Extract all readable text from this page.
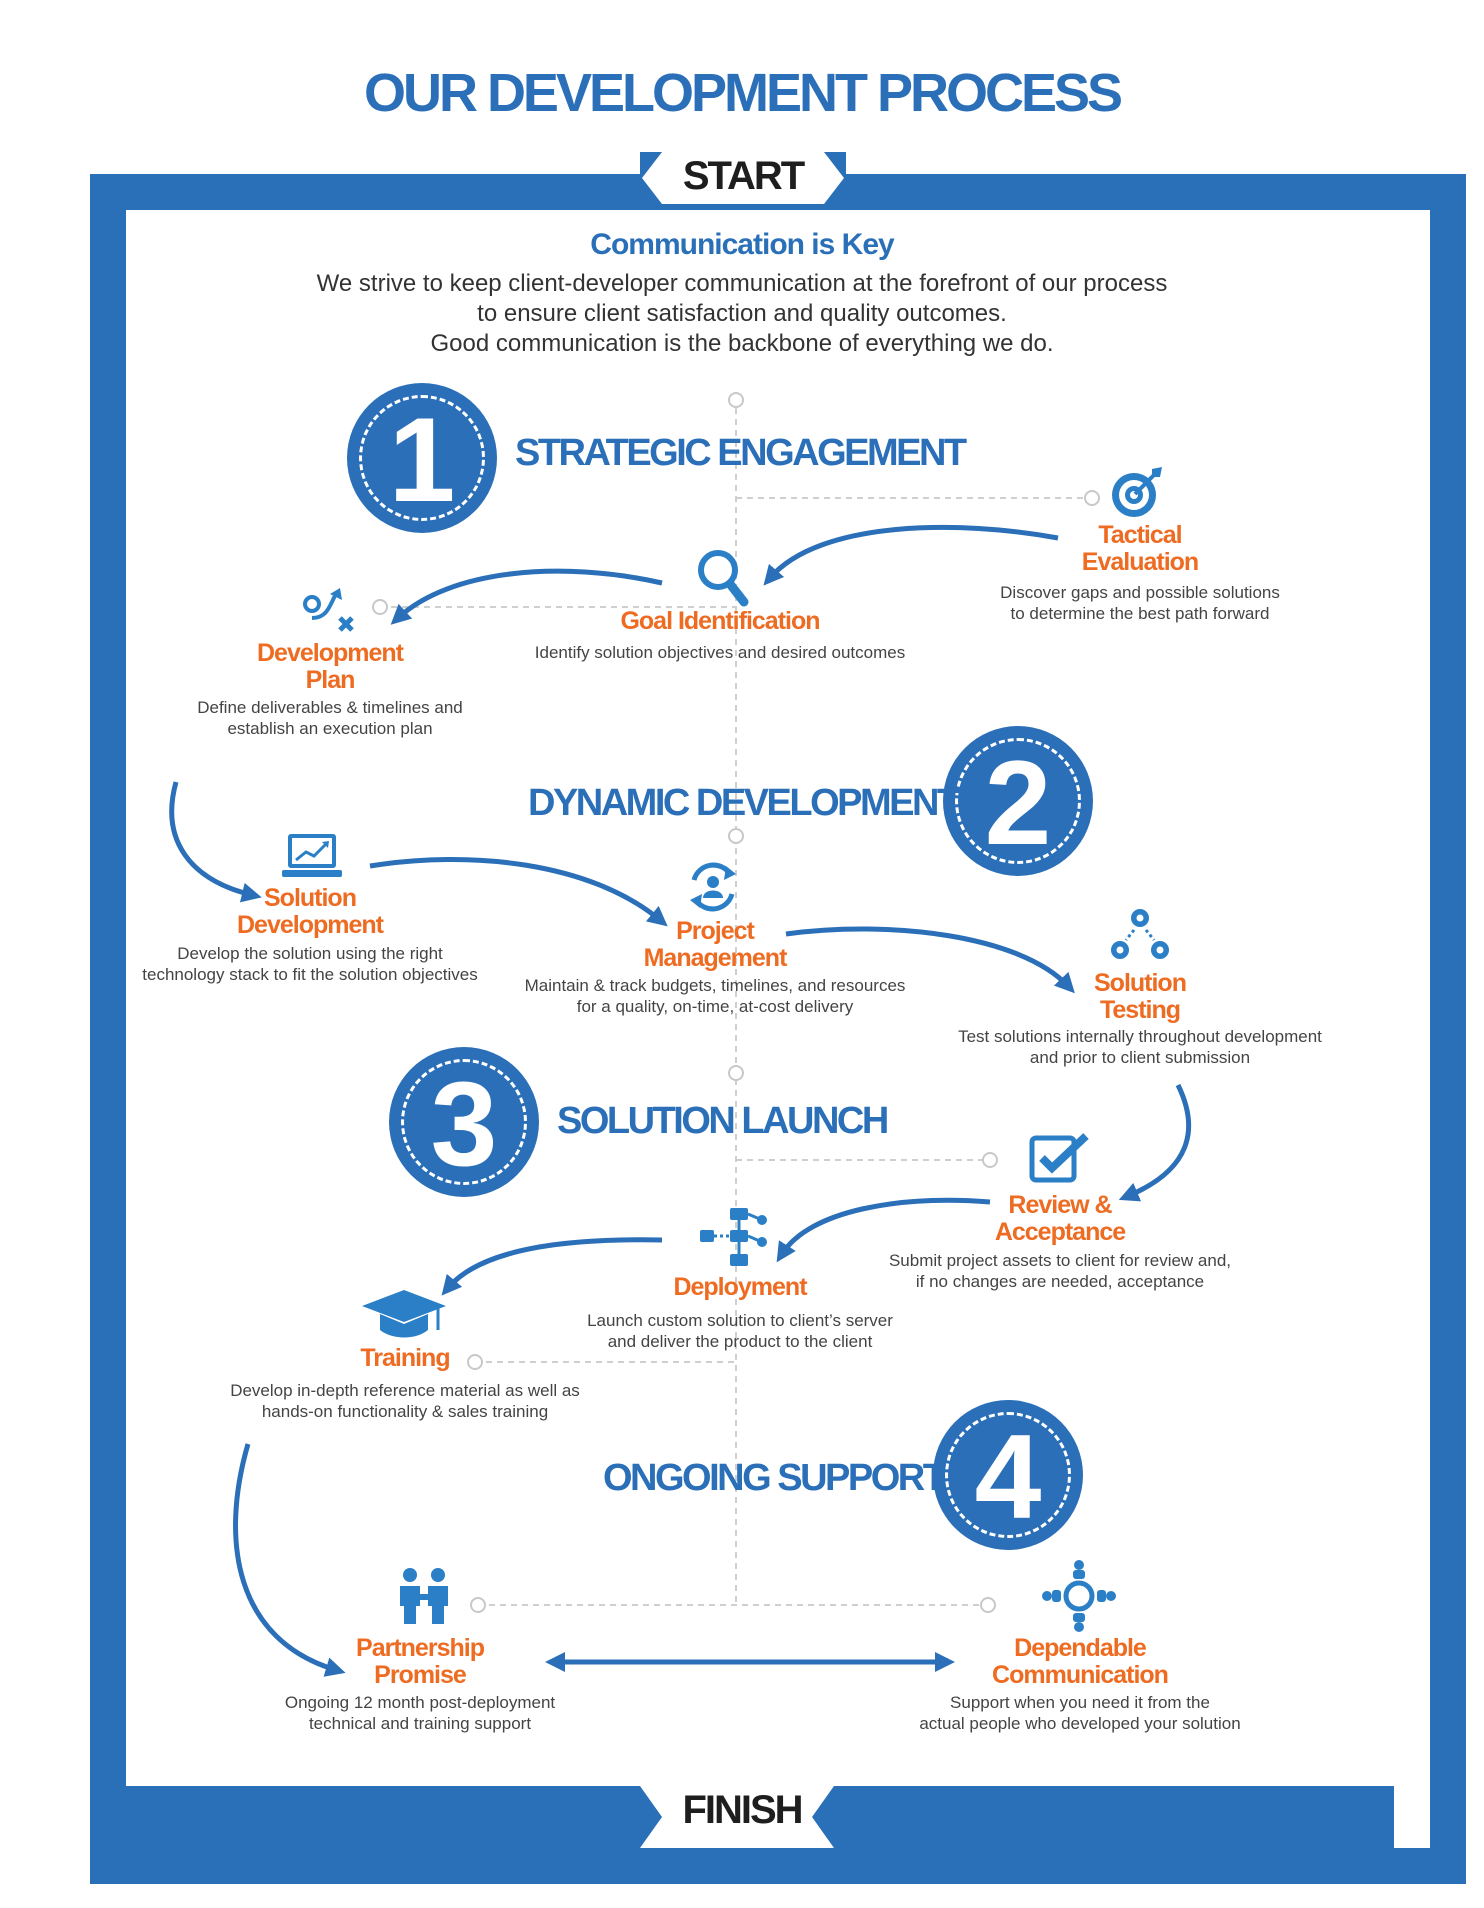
OUR DEVELOPMENT PROCESS
START
FINISH
Communication is Key
We strive to keep client-developer communication at the forefront of our process
to ensure client satisfaction and quality outcomes.
Good communication is the backbone of everything we do.
1	STRATEGIC ENGAGEMENT
2
DYNAMIC DEVELOPMENT
3	SOLUTION LAUNCH
4
ONGOING SUPPORT
Tactical
Evaluation
Discover gaps and possible solutions
to determine the best path forward
Goal Identification
Identify solution objectives and desired outcomes
Development
Plan
Define deliverables & timelines and
establish an execution plan
Solution
Development
Develop the solution using the right
technology stack to fit the solution objectives
Project
Management
Maintain & track budgets, timelines, and resources
for a quality, on-time, at-cost delivery
Solution
Testing
Test solutions internally throughout development
and prior to client submission
Review &
Acceptance
Submit project assets to client for review and,
if no changes are needed, acceptance
Deployment
Launch custom solution to client’s server
and deliver the product to the client
Training
Develop in-depth reference material as well as
hands-on functionality & sales training
Partnership
Promise
Ongoing 12 month post-deployment
technical and training support
Dependable
Communication
Support when you need it from the
actual people who developed your solution
